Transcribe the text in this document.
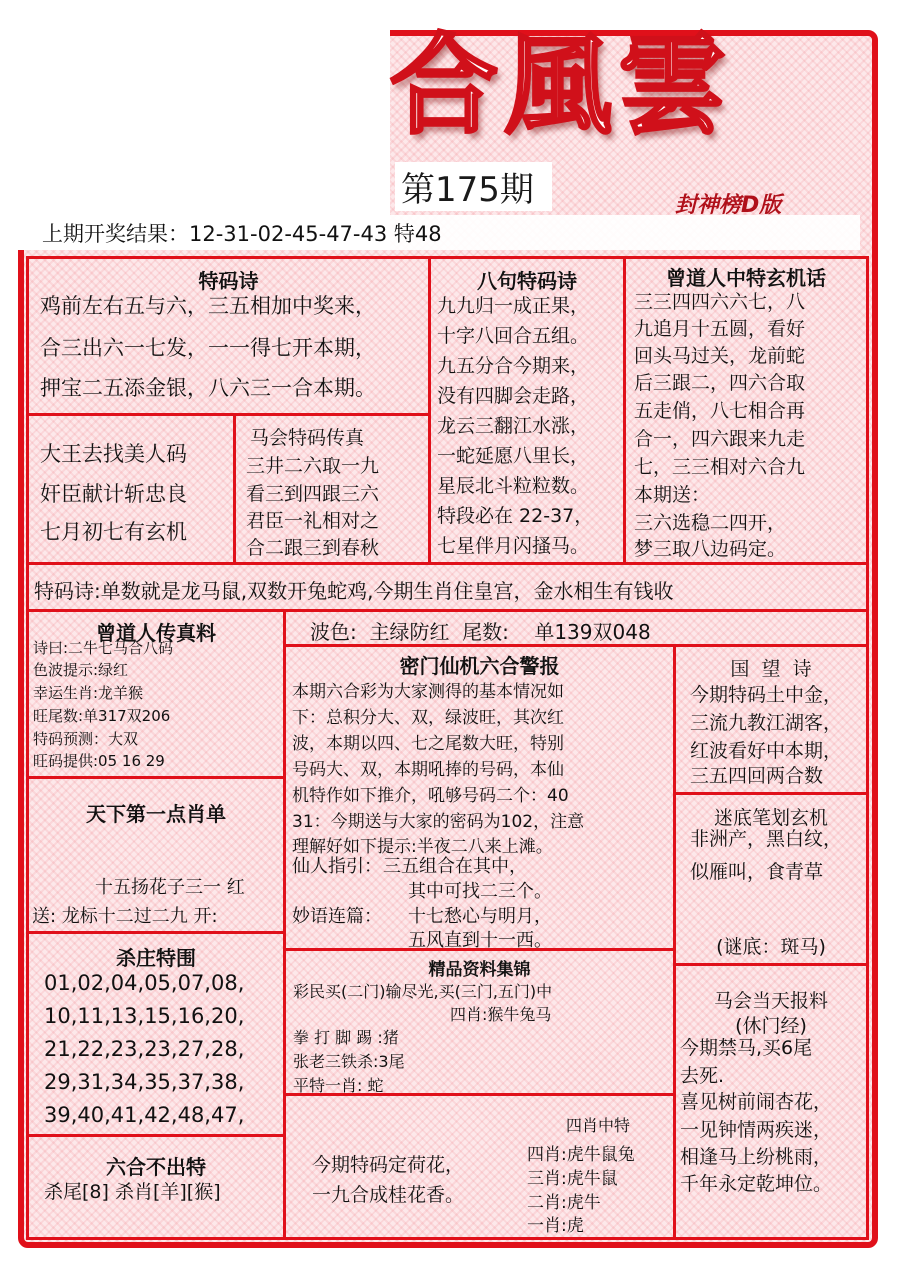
合風雲
第175期	封神榜D版
上期开奖结果：12-31-02-45-47-43 特48
特码诗
鸡前左右五与六，三五相加中奖来，
合三出六一七发，一一得七开本期，
押宝二五添金银，八六三一合本期。
大王去找美人码
奸臣献计斩忠良
七月初七有玄机
马会特码传真
三井二六取一九
看三到四跟三六
君臣一礼相对之
合二跟三到春秋
八句特码诗
九九归一成正果，
十字八回合五组。
九五分合今期来，
没有四脚会走路，
龙云三翻江水涨，
一蛇延愿八里长，
星辰北斗粒粒数。
特段必在 22-37，
七星伴月闪搔马。
曾道人中特玄机话
三三四四六六七，八
九追月十五圆，看好
回头马过关，龙前蛇
后三跟二，四六合取
五走俏，八七相合再
合一，四六跟来九走
七，三三相对六合九
本期送：
三六选稳二四开，
梦三取八边码定。
特码诗:单数就是龙马鼠,双数开兔蛇鸡,今期生肖住皇宫，金水相生有钱收
曾道人传真料
诗曰:二牛七马合八码
色波提示:绿红
幸运生肖:龙羊猴
旺尾数:单317双206
特码预测：大双
旺码提供:05 16 29
天下第一点肖单
十五扬花子三一 红
送: 龙标十二过二九 开:
杀庄特围
01,02,04,05,07,08,
10,11,13,15,16,20,
21,22,23,23,27,28,
29,31,34,35,37,38,
39,40,41,42,48,47,
六合不出特
杀尾[8] 杀肖[羊][猴]
波色:  主绿防红  尾数:    单139双048
密门仙机六合警报
本期六合彩为大家测得的基本情况如
下：总积分大、双，绿波旺，其次红
波，本期以四、七之尾数大旺，特别
号码大、双，本期吼捧的号码，本仙
机特作如下推介，吼够号码二个：40
31：今期送与大家的密码为102，注意
理解好如下提示:半夜二八来上滩。
仙人指引： 三五组合在其中，
其中可找二三个。
妙语连篇： 十七愁心与明月，
五风直到十一西。
精品资料集锦
彩民买(二门)输尽光,买(三门,五门)中
四肖:猴牛兔马
拳 打 脚 踢 :猪
张老三铁杀:3尾
平特一肖: 蛇
今期特码定荷花，
一九合成桂花香。
四肖中特
四肖:虎牛鼠兔
三肖:虎牛鼠
二肖:虎牛
一肖:虎
国  望  诗
今期特码土中金，
三流九教江湖客，
红波看好中本期，
三五四回两合数
迷底笔划玄机
非洲产，黑白纹，
似雁叫，食青草
(谜底：斑马)
马会当天报料
(休门经)
今期禁马,买6尾
去死.
喜见树前闹杏花，
一见钟情两疾迷，
相逢马上纷桃雨，
千年永定乾坤位。
